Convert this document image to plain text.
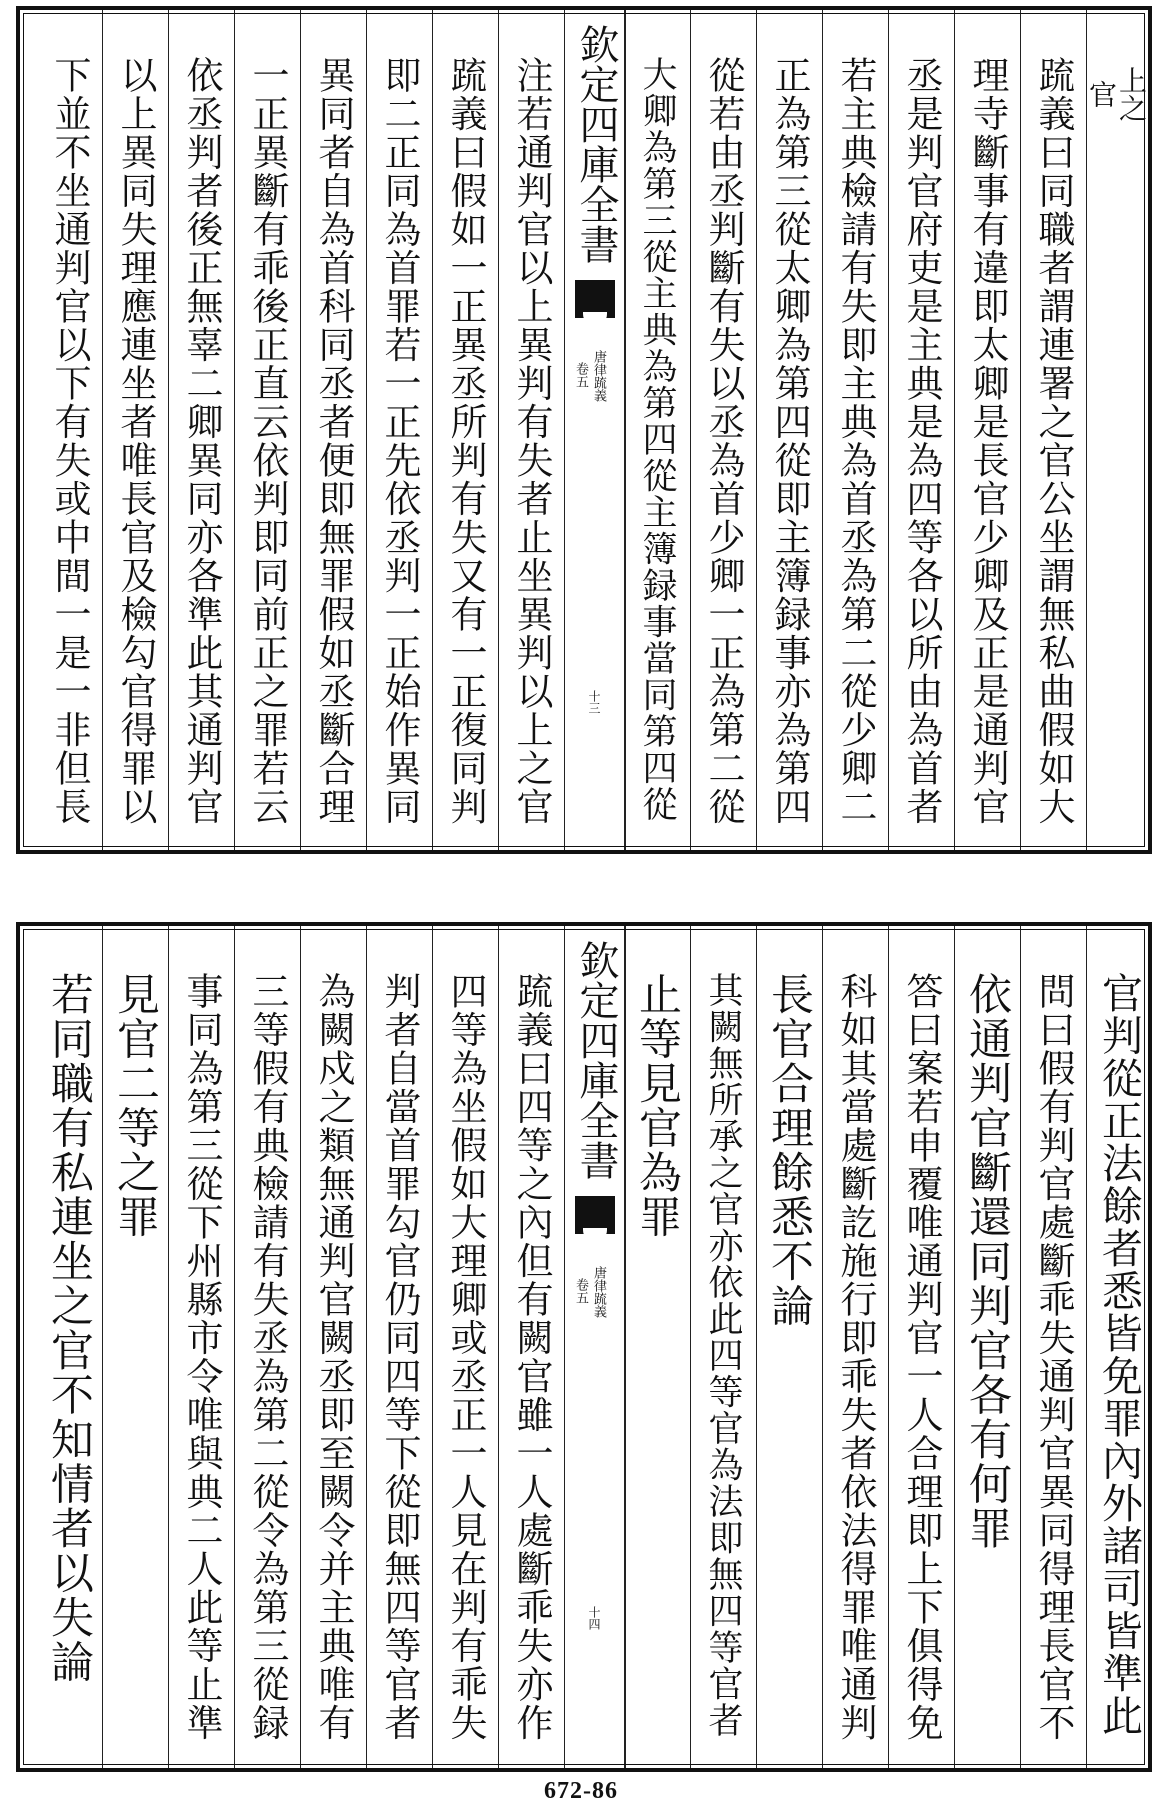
上之
官
䟽義曰同職者謂連署之官公坐謂無私曲假如大
理寺斷事有違即太卿是長官少卿及正是通判官
丞是判官府吏是主典是為四等各以所由為首者
若主典檢請有失即主典為首丞為第二從少卿二
正為第三從太卿為第四從即主簿録事亦為第四
從若由丞判斷有失以丞為首少卿一正為第二從
大卿為第三從主典為第四從主簿録事當同第四從
欽定四庫全書
唐律䟽義
卷五
十三
注若通判官以上異判有失者止坐異判以上之官
䟽義曰假如一正異丞所判有失又有一正復同判
即二正同為首罪若一正先依丞判一正始作異同
異同者自為首科同丞者便即無罪假如丞斷合理
一正異斷有乖後正直云依判即同前正之罪若云
依丞判者後正無辜二卿異同亦各準此其通判官
以上異同失理應連坐者唯長官及檢勾官得罪以
下並不坐通判官以下有失或中間一是一非但長
官判從正法餘者悉皆免罪內外諸司皆準此
問曰假有判官處斷乖失通判官異同得理長官不
依通判官斷還同判官各有何罪
答曰案若申覆唯通判官一人合理即上下俱得免
科如其當處斷訖施行即乖失者依法得罪唯通判
長官合理餘悉不論
其闕無所承之官亦依此四等官為法即無四等官者
止等見官為罪
欽定四庫全書
唐律䟽義
卷五
十四
䟽義曰四等之內但有闕官雖一人處斷乖失亦作
四等為坐假如大理卿或丞正一人見在判有乖失
判者自當首罪勾官仍同四等下從即無四等官者
為闕戍之類無通判官闕丞即至闕令并主典唯有
三等假有典檢請有失丞為第二從令為第三從録
事同為第三從下州縣市令唯與典二人此等止準
見官二等之罪
若同職有私連坐之官不知情者以失論
672-86
